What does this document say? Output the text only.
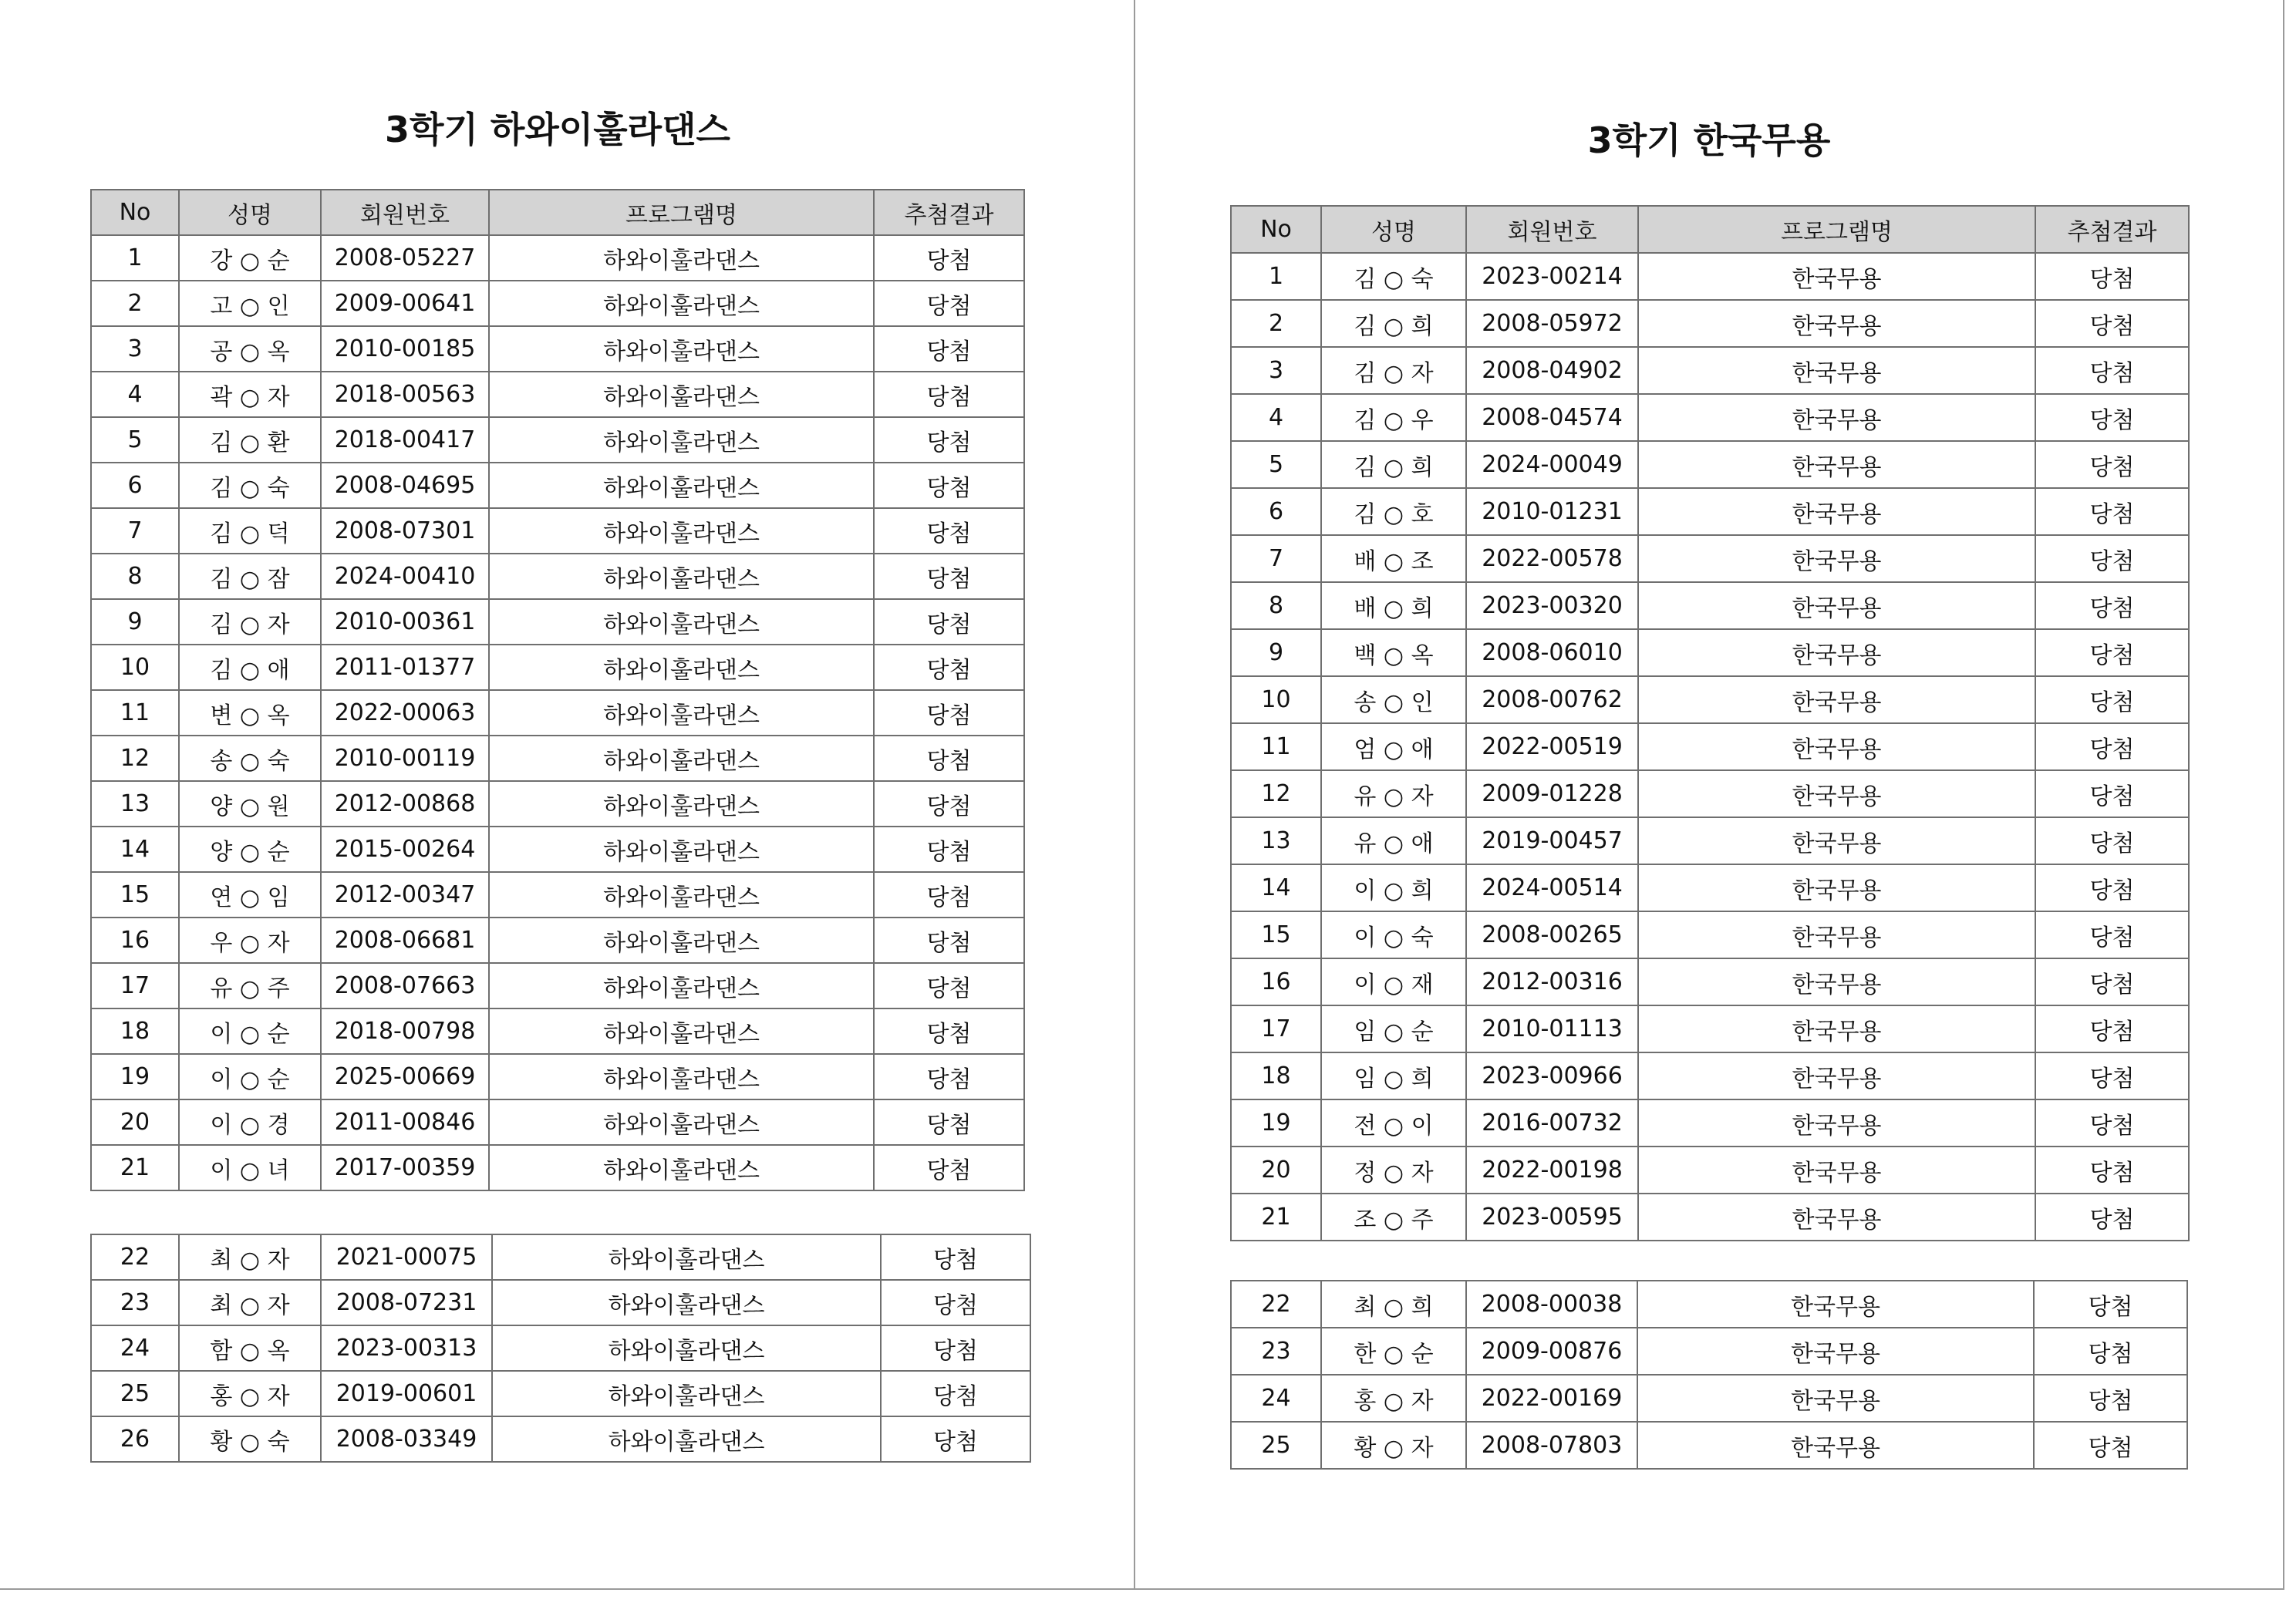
3학기 하와이훌라댄스
No	성명	회원번호	프로그램명	추첨결과
1	강 ○ 순	2008-05227	하와이훌라댄스	당첨
2	고 ○ 인	2009-00641	하와이훌라댄스	당첨
3	공 ○ 옥	2010-00185	하와이훌라댄스	당첨
4	곽 ○ 자	2018-00563	하와이훌라댄스	당첨
5	김 ○ 환	2018-00417	하와이훌라댄스	당첨
6	김 ○ 숙	2008-04695	하와이훌라댄스	당첨
7	김 ○ 덕	2008-07301	하와이훌라댄스	당첨
8	김 ○ 잠	2024-00410	하와이훌라댄스	당첨
9	김 ○ 자	2010-00361	하와이훌라댄스	당첨
10	김 ○ 애	2011-01377	하와이훌라댄스	당첨
11	변 ○ 옥	2022-00063	하와이훌라댄스	당첨
12	송 ○ 숙	2010-00119	하와이훌라댄스	당첨
13	양 ○ 원	2012-00868	하와이훌라댄스	당첨
14	양 ○ 순	2015-00264	하와이훌라댄스	당첨
15	연 ○ 임	2012-00347	하와이훌라댄스	당첨
16	우 ○ 자	2008-06681	하와이훌라댄스	당첨
17	유 ○ 주	2008-07663	하와이훌라댄스	당첨
18	이 ○ 순	2018-00798	하와이훌라댄스	당첨
19	이 ○ 순	2025-00669	하와이훌라댄스	당첨
20	이 ○ 경	2011-00846	하와이훌라댄스	당첨
21	이 ○ 녀	2017-00359	하와이훌라댄스	당첨
22	최 ○ 자	2021-00075	하와이훌라댄스	당첨
23	최 ○ 자	2008-07231	하와이훌라댄스	당첨
24	함 ○ 옥	2023-00313	하와이훌라댄스	당첨
25	홍 ○ 자	2019-00601	하와이훌라댄스	당첨
26	황 ○ 숙	2008-03349	하와이훌라댄스	당첨
3학기 한국무용
No	성명	회원번호	프로그램명	추첨결과
1	김 ○ 숙	2023-00214	한국무용	당첨
2	김 ○ 희	2008-05972	한국무용	당첨
3	김 ○ 자	2008-04902	한국무용	당첨
4	김 ○ 우	2008-04574	한국무용	당첨
5	김 ○ 희	2024-00049	한국무용	당첨
6	김 ○ 호	2010-01231	한국무용	당첨
7	배 ○ 조	2022-00578	한국무용	당첨
8	배 ○ 희	2023-00320	한국무용	당첨
9	백 ○ 옥	2008-06010	한국무용	당첨
10	송 ○ 인	2008-00762	한국무용	당첨
11	엄 ○ 애	2022-00519	한국무용	당첨
12	유 ○ 자	2009-01228	한국무용	당첨
13	유 ○ 애	2019-00457	한국무용	당첨
14	이 ○ 희	2024-00514	한국무용	당첨
15	이 ○ 숙	2008-00265	한국무용	당첨
16	이 ○ 재	2012-00316	한국무용	당첨
17	임 ○ 순	2010-01113	한국무용	당첨
18	임 ○ 희	2023-00966	한국무용	당첨
19	전 ○ 이	2016-00732	한국무용	당첨
20	정 ○ 자	2022-00198	한국무용	당첨
21	조 ○ 주	2023-00595	한국무용	당첨
22	최 ○ 희	2008-00038	한국무용	당첨
23	한 ○ 순	2009-00876	한국무용	당첨
24	홍 ○ 자	2022-00169	한국무용	당첨
25	황 ○ 자	2008-07803	한국무용	당첨
